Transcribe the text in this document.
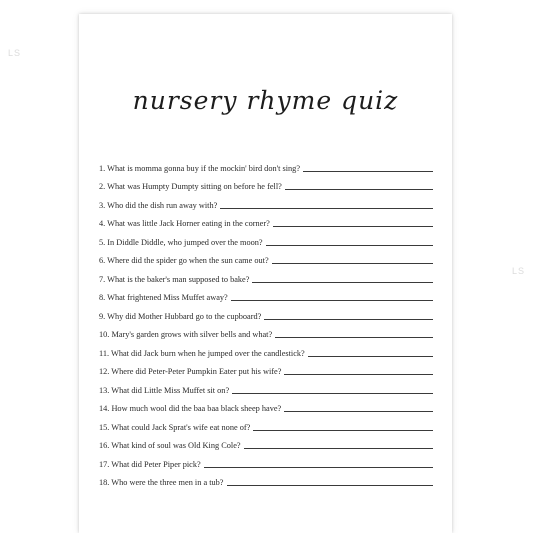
LS
LS
nursery rhyme quiz
1. What is momma gonna buy if the mockin' bird don't sing?
2. What was Humpty Dumpty sitting on before he fell?
3. Who did the dish run away with?
4. What was little Jack Horner eating in the corner?
5. In Diddle Diddle, who jumped over the moon?
6. Where did the spider go when the sun came out?
7. What is the baker's man supposed to bake?
8. What frightened Miss Muffet away?
9. Why did Mother Hubbard go to the cupboard?
10. Mary's garden grows with silver bells and what?
11. What did Jack burn when he jumped over the candlestick?
12. Where did Peter-Peter Pumpkin Eater put his wife?
13. What did Little Miss Muffet sit on?
14. How much wool did the baa baa black sheep have?
15. What could Jack Sprat's wife eat none of?
16. What kind of soul was Old King Cole?
17. What did Peter Piper pick?
18. Who were the three men in a tub?
